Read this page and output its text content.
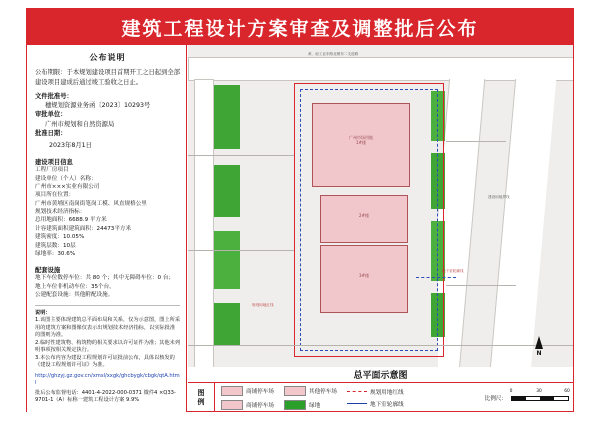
建筑工程设计方案审查及调整批后公布
公布说明
公布期限：于本规划建设项目首期开工之日起到全部建设项目建成后通过竣工验收之日止。
文件批准号：
穗规划资源业务函〔2023〕10293号
审批单位：
广州市规划和自然资源局
批准日期：
2023年8月1日
建设项目信息
工程厂房项目
建设单位（个人）名称：
广州市×××实业有限公司
项目所在位置：
广州市黄埔区南岗街笔岗工模、风直规格公里
规划技术经济指标：
总用地面积：6688.9 平方米
计容建筑面积建筑面积：24473平方米
建筑密度：10.05%
建筑层数：10层
绿地率：30.6%
配套设施
地下车位数停车位：共 80 个；其中无障碍车位：0 台；
地上车位非机动车位：35个台。
公建配套设施：其他附配设施。
说明：
1.该图主要体现建筑总平面布局和关系，仅为示意图，图上所采用的建筑方案和图像仅表示出规划技术经济指标，以实际批准的图则为准。
2.临时性建筑物、构筑物的相关要求以许可证件为准；其他未列明事项按相关规定执行。
3.本公布内容为建设工程规划许可证批前公布，具体以核发的《建设工程规划许可证》为准。
http://ghzyj.gz.gov.cn/xmsl/xxgk/ghcbygk/cbgk/qtA.html
批后公布监督电话：4401-4-2022-000-0371 微件4 ×Q33-9701-1（A）标称一建筑工程设计方案 9.9%
黄、南工业东路北侧东二支道路
广州市场用地
1#楼
2#楼
3#楼
地下室轮廓线
规划用地红线
建设用地界线
N
总平面示意图
图
例
商铺停车场
商铺停车场
其他停车场
绿地
规划用地红线
地下室轮廓线
比例尺：
0	30	60
